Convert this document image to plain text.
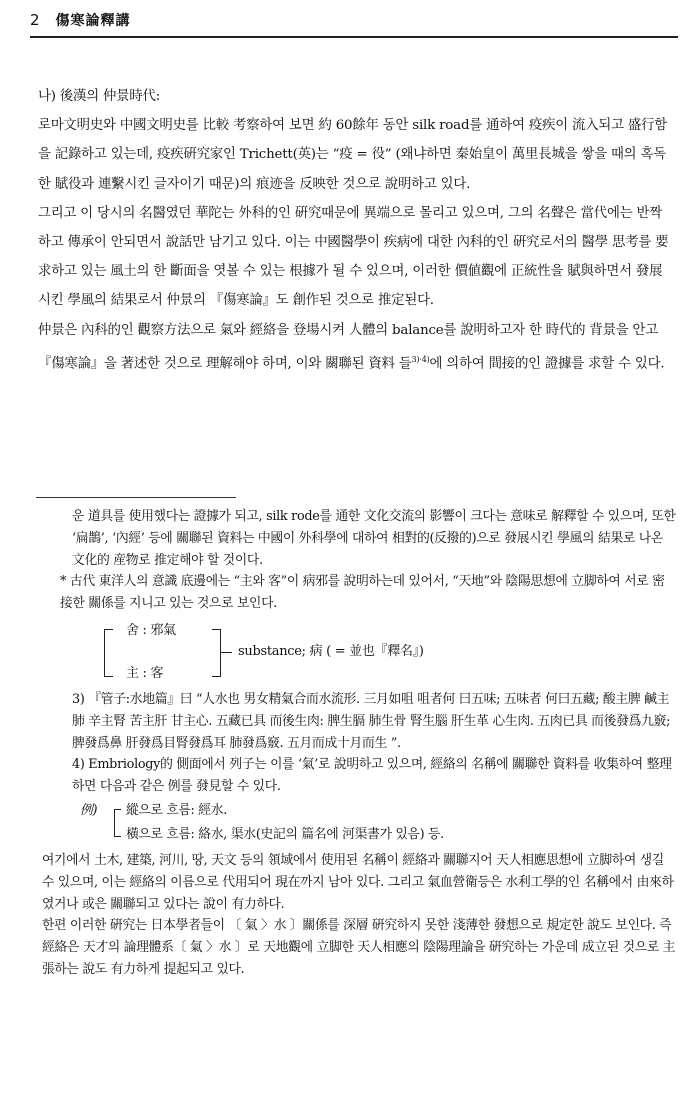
2 傷寒論釋講

나) 後漢의 仲景時代:

로마文明史와 中國文明史를 比較 考察하여 보면 約 60餘年 동안 silk road를 通하여 疫疾이 流入되고 盛行함을 記錄하고 있는데, 疫疾硏究家인 Trichett(英)는 “疫 = 役” (왜냐하면 秦始皇이 萬里長城을 쌓을 때의 혹독한 賦役과 連繫시킨 글자이기 때문)의 痕迹을 反映한 것으로 說明하고 있다.

그리고 이 당시의 名醫였던 華陀는 外科的인 硏究때문에 異端으로 몰리고 있으며, 그의 名聲은 當代에는 반짝하고 傳承이 안되면서 說話만 남기고 있다. 이는 中國醫學이 疾病에 대한 內科的인 硏究로서의 醫學 思考를 要求하고 있는 風土의 한 斷面을 엿볼 수 있는 根據가 될 수 있으며, 이러한 價値觀에 正統性을 賦與하면서 發展시킨 學風의 結果로서 仲景의 『傷寒論』도 創作된 것으로 推定된다.

仲景은 內科的인 觀察方法으로 氣와 經絡을 登場시켜 人體의 balance를 說明하고자 한 時代的 背景을 안고 『傷寒論』을 著述한 것으로 理解해야 하며, 이와 關聯된 資料 들$^{3)\cdot 4)}$에 의하여 間接的인 證據를 求할 수 있다.

운 道具를 使用했다는 證據가 되고, silk rode를 通한 文化交流의 影響이 크다는 意味로 解釋할 수 있으며, 또한 ‘扁鵲’, ‘內經’ 등에 關聯된 資料는 中國이 外科學에 대하여 相對的(反撥的)으로 發展시킨 學風의 結果로 나온 文化的 産物로 推定해야 할 것이다.

* 古代 東洋人의 意識 底邊에는 “主와 客”이 病邪를 說明하는데 있어서, “天地”와 陰陽思想에 立脚하여 서로 密接한 關係를 지니고 있는 것으로 보인다.

舍 : 邪氣
主 : 客
substance; 病 ( = 並也『釋名』)

3) 『管子:水地篇』曰 “人水也 男女精氣合而水流形. 三月如咀 咀者何 曰五味; 五味者 何曰五藏; 酸主脾 鹹主肺 辛主腎 苦主肝 甘主心. 五藏已具 而後生肉: 脾生膈 肺生骨 腎生腦 肝生革 心生肉. 五肉已具 而後發爲九竅; 脾發爲鼻 肝發爲目腎發爲耳 肺發爲竅. 五月而成十月而生 ”.

4) Embriology的 側面에서 列子는 이를 ‘氣’로 說明하고 있으며, 經絡의 名稱에 關聯한 資料를 收集하여 整理하면 다음과 같은 例를 發見할 수 있다.

例) 縱으로 흐름: 經水.
橫으로 흐름: 絡水, 渠水(史記의 篇名에 河渠書가 있음) 등.

여기에서 土木, 建築, 河川, 땅, 天文 등의 領域에서 使用된 名稱이 經絡과 關聯지어 天人相應思想에 立脚하여 생길 수 있으며, 이는 經絡의 이름으로 代用되어 現在까지 남아 있다. 그리고 氣血營衛등은 水利工學的인 名稱에서 由來하였거나 或은 關聯되고 있다는 說이 有力하다.

한편 이러한 硏究는 日本學者들이 〔 氣 〉水 〕關係를 深層 硏究하지 못한 淺薄한 發想으로 規定한 說도 보인다. 즉 經絡은 天才의 論理體系〔 氣 〉水 〕로 天地觀에 立脚한 天人相應의 陰陽理論을 硏究하는 가운데 成立된 것으로 主張하는 說도 有力하게 提起되고 있다.
